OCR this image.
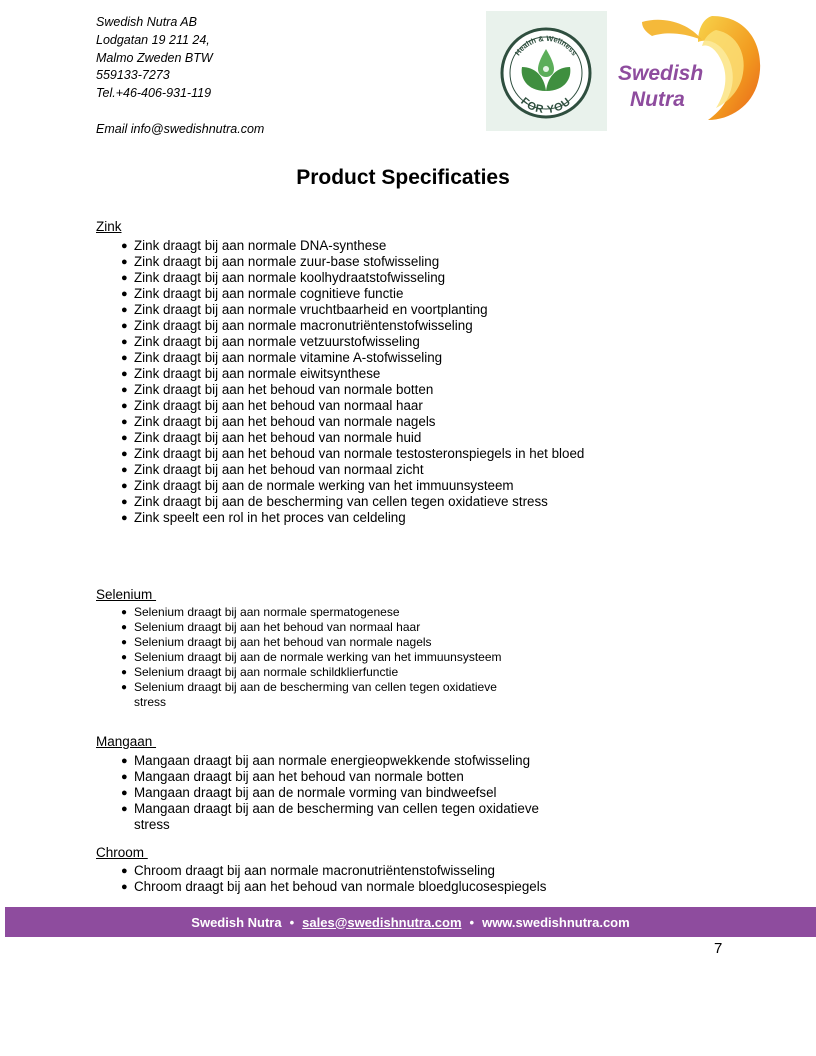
Swedish Nutra AB
Lodgatan 19 211 24,
Malmo Zweden BTW
559133-7273
Tel.+46-406-931-119
Email info@swedishnutra.com
Health & Wellness
FOR YOU
Swedish
Nutra
Product Specificaties
Zink
● Zink draagt bij aan normale DNA-synthese
● Zink draagt bij aan normale zuur-base stofwisseling
● Zink draagt bij aan normale koolhydraatstofwisseling
● Zink draagt bij aan normale cognitieve functie
● Zink draagt bij aan normale vruchtbaarheid en voortplanting
● Zink draagt bij aan normale macronutriëntenstofwisseling
● Zink draagt bij aan normale vetzuurstofwisseling
● Zink draagt bij aan normale vitamine A-stofwisseling
● Zink draagt bij aan normale eiwitsynthese
● Zink draagt bij aan het behoud van normale botten
● Zink draagt bij aan het behoud van normaal haar
● Zink draagt bij aan het behoud van normale nagels
● Zink draagt bij aan het behoud van normale huid
● Zink draagt bij aan het behoud van normale testosteronspiegels in het bloed
● Zink draagt bij aan het behoud van normaal zicht
● Zink draagt bij aan de normale werking van het immuunsysteem
● Zink draagt bij aan de bescherming van cellen tegen oxidatieve stress
● Zink speelt een rol in het proces van celdeling
Selenium
● Selenium draagt bij aan normale spermatogenese
● Selenium draagt bij aan het behoud van normaal haar
● Selenium draagt bij aan het behoud van normale nagels
● Selenium draagt bij aan de normale werking van het immuunsysteem
● Selenium draagt bij aan normale schildklierfunctie
● Selenium draagt bij aan de bescherming van cellen tegen oxidatieve stress
Mangaan
● Mangaan draagt bij aan normale energieopwekkende stofwisseling
● Mangaan draagt bij aan het behoud van normale botten
● Mangaan draagt bij aan de normale vorming van bindweefsel
● Mangaan draagt bij aan de bescherming van cellen tegen oxidatieve stress
Chroom
● Chroom draagt bij aan normale macronutriëntenstofwisseling
● Chroom draagt bij aan het behoud van normale bloedglucosespiegels
Swedish Nutra • sales@swedishnutra.com • www.swedishnutra.com
7
